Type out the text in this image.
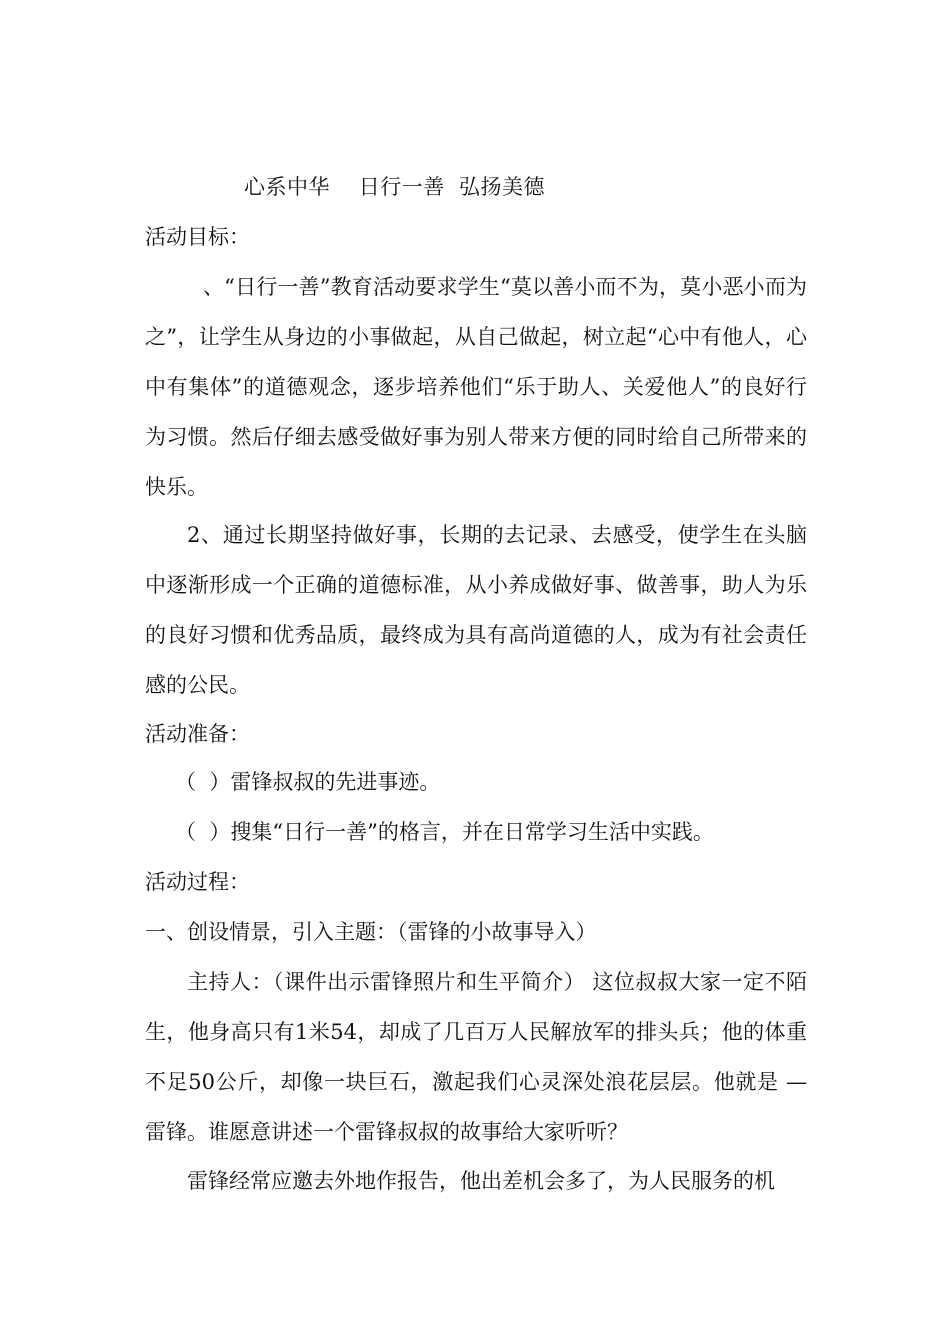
心系中华    日行一善  弘扬美德
活动目标：
、“日行一善”教育活动要求学生“莫以善小而不为，莫小恶小而为之”，让学生从身边的小事做起，从自己做起，树立起“心中有他人，心中有集体”的道德观念，逐步培养他们“乐于助人、关爱他人”的良好行为习惯。然后仔细去感受做好事为别人带来方便的同时给自己所带来的快乐。
2、通过长期坚持做好事，长期的去记录、去感受，使学生在头脑中逐渐形成一个正确的道德标准，从小养成做好事、做善事，助人为乐的良好习惯和优秀品质，最终成为具有高尚道德的人，成为有社会责任感的公民。
活动准备：
（  ）雷锋叔叔的先进事迹。
（  ）搜集“日行一善”的格言，并在日常学习生活中实践。
活动过程：
一、创设情景，引入主题：（雷锋的小故事导入）
主持人：（课件出示雷锋照片和生平简介） 这位叔叔大家一定不陌生，他身高只有1米54，却成了几百万人民解放军的排头兵；他的体重不足50公斤，却像一块巨石，激起我们心灵深处浪花层层。他就是 —雷锋。谁愿意讲述一个雷锋叔叔的故事给大家听听？
雷锋经常应邀去外地作报告，他出差机会多了，为人民服务的机
